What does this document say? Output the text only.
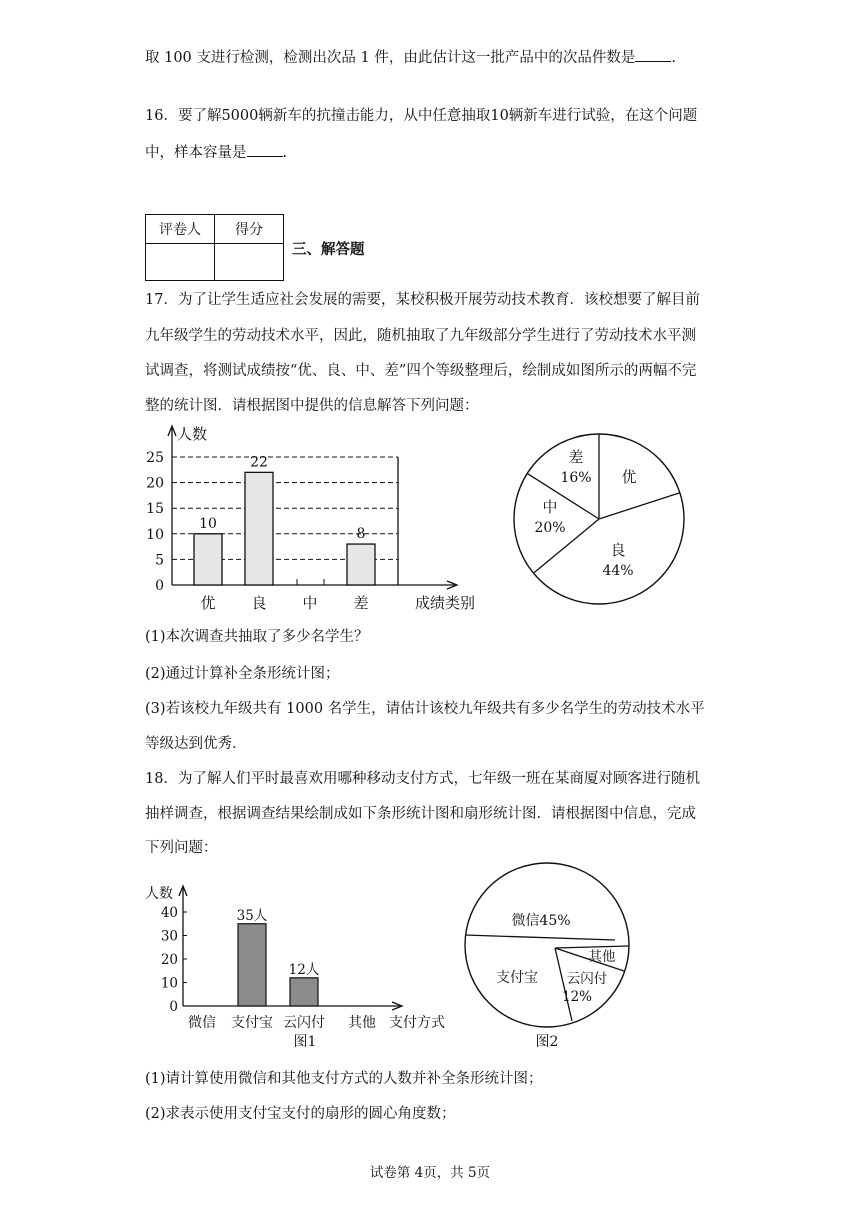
取 100 支进行检测，检测出次品 1 件，由此估计这一批产品中的次品件数是 .
16．要了解5000辆新车的抗撞击能力，从中任意抽取10辆新车进行试验，在这个问题
中，样本容量是 .
评卷人	得分

三、解答题
17．为了让学生适应社会发展的需要，某校积极开展劳动技术教育．该校想要了解目前
九年级学生的劳动技术水平，因此，随机抽取了九年级部分学生进行了劳动技术水平测
试调查，将测试成绩按“优、良、中、差”四个等级整理后，绘制成如图所示的两幅不完
整的统计图．请根据图中提供的信息解答下列问题：
0
5
10
15
20
25
人数
10
优
22
良 中
8
差	成绩类别
差
16% 优
良
44%
中
20%
(1)本次调查共抽取了多少名学生？
(2)通过计算补全条形统计图；
(3)若该校九年级共有 1000 名学生，请估计该校九年级共有多少名学生的劳动技术水平
等级达到优秀．
18．为了解人们平时最喜欢用哪种移动支付方式，七年级一班在某商厦对顾客进行随机
抽样调查，根据调查结果绘制成如下条形统计图和扇形统计图．请根据图中信息，完成
下列问题：
人数
0
10
20
30
40
微信
35人
支付宝
12人
云闪付 其他 支付方式
图1
微信45%
其他
云闪付
12%
支付宝
图2
(1)请计算使用微信和其他支付方式的人数并补全条形统计图；
(2)求表示使用支付宝支付的扇形的圆心角度数；
试卷第 4页，共 5页
